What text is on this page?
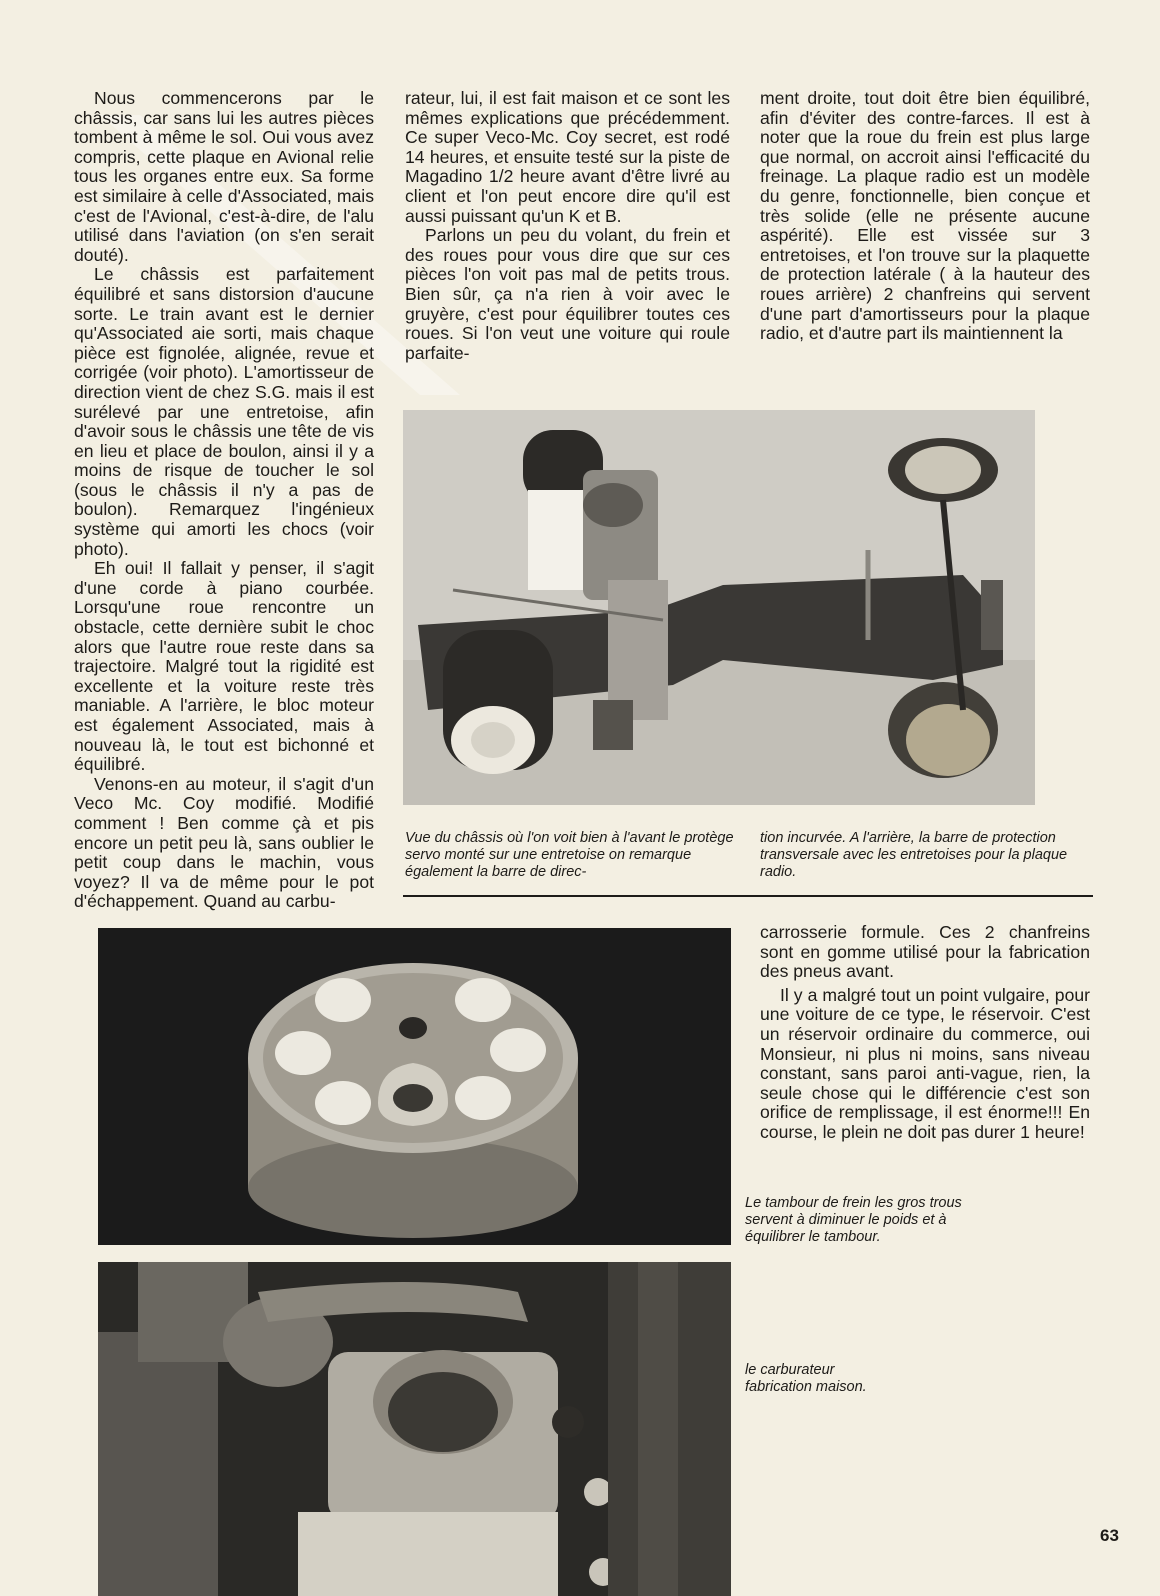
Nous commencerons par le châssis, car sans lui les autres pièces tombent à même le sol. Oui vous avez compris, cette plaque en Avional relie tous les organes entre eux. Sa forme est similaire à celle d'Associated, mais c'est de l'Avional, c'est-à-dire, de l'alu utilisé dans l'aviation (on s'en serait douté).

Le châssis est parfaitement équilibré et sans distorsion d'aucune sorte. Le train avant est le dernier qu'Associated aie sorti, mais chaque pièce est fignolée, alignée, revue et corrigée (voir photo). L'amortisseur de direction vient de chez S.G. mais il est surélevé par une entretoise, afin d'avoir sous le châssis une tête de vis en lieu et place de boulon, ainsi il y a moins de risque de toucher le sol (sous le châssis il n'y a pas de boulon). Remarquez l'ingénieux système qui amorti les chocs (voir photo).

Eh oui! Il fallait y penser, il s'agit d'une corde à piano courbée. Lorsqu'une roue rencontre un obstacle, cette dernière subit le choc alors que l'autre roue reste dans sa trajectoire. Malgré tout la rigidité est excellente et la voiture reste très maniable. A l'arrière, le bloc moteur est également Associated, mais à nouveau là, le tout est bichonné et équilibré.

Venons-en au moteur, il s'agit d'un Veco Mc. Coy modifié. Modifié comment ! Ben comme çà et pis encore un petit peu là, sans oublier le petit coup dans le machin, vous voyez? Il va de même pour le pot d'échappement. Quand au carbu-

rateur, lui, il est fait maison et ce sont les mêmes explications que précédemment. Ce super Veco-Mc. Coy secret, est rodé 14 heures, et ensuite testé sur la piste de Magadino 1/2 heure avant d'être livré au client et l'on peut encore dire qu'il est aussi puissant qu'un K et B.

Parlons un peu du volant, du frein et des roues pour vous dire que sur ces pièces l'on voit pas mal de petits trous. Bien sûr, ça n'a rien à voir avec le gruyère, c'est pour équilibrer toutes ces roues. Si l'on veut une voiture qui roule parfaite-

ment droite, tout doit être bien équilibré, afin d'éviter des contre-farces. Il est à noter que la roue du frein est plus large que normal, on accroit ainsi l'efficacité du freinage. La plaque radio est un modèle du genre, fonctionnelle, bien conçue et très solide (elle ne présente aucune aspérité). Elle est vissée sur 3 entretoises, et l'on trouve sur la plaquette de protection latérale ( à la hauteur des roues arrière) 2 chanfreins qui servent d'une part d'amortisseurs pour la plaque radio, et d'autre part ils maintiennent la

Vue du châssis où l'on voit bien à l'avant le protège servo monté sur une entretoise on remarque également la barre de direc-

tion incurvée. A l'arrière, la barre de protection transversale avec les entretoises pour la plaque radio.

carrosserie formule. Ces 2 chanfreins sont en gomme utilisé pour la fabrication des pneus avant.

Il y a malgré tout un point vulgaire, pour une voiture de ce type, le réservoir. C'est un réservoir ordinaire du commerce, oui Monsieur, ni plus ni moins, sans niveau constant, sans paroi anti-vague, rien, la seule chose qui le différencie c'est son orifice de remplissage, il est énorme!!! En course, le plein ne doit pas durer 1 heure!

Le tambour de frein les gros trous servent à diminuer le poids et à équilibrer le tambour.

le carburateur fabrication maison.

63
